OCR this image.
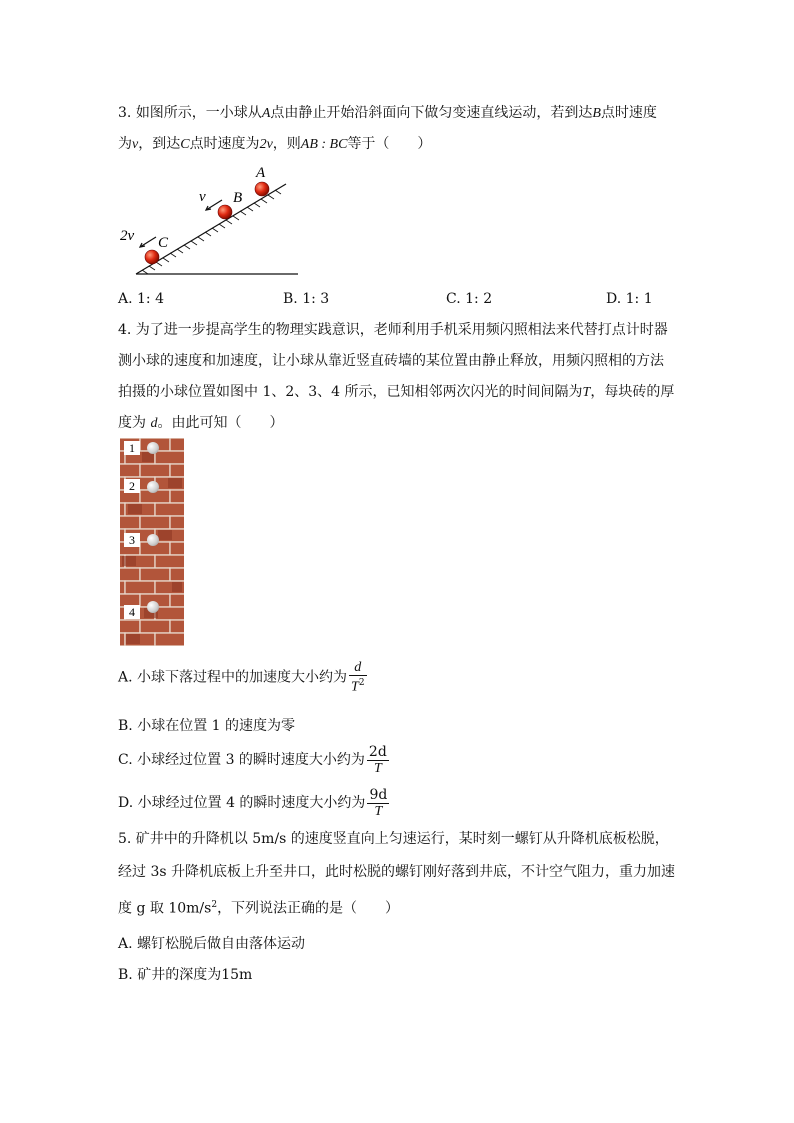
3. 如图所示，一小球从A点由静止开始沿斜面向下做匀变速直线运动，若到达B点时速度
为v，到达C点时速度为2v，则AB : BC等于（　　）
A
B
C
v
2v
A. 1: 4	B. 1: 3	C. 1: 2	D. 1: 1
4. 为了进一步提高学生的物理实践意识，老师利用手机采用频闪照相法来代替打点计时器
测小球的速度和加速度，让小球从靠近竖直砖墙的某位置由静止释放，用频闪照相的方法
拍摄的小球位置如图中 1、2、3、4 所示，已知相邻两次闪光的时间间隔为T，每块砖的厚
度为 d。由此可知（　　）
1
2
3
4
A. 小球下落过程中的加速度大小约为 $\frac{d}{T^2}$
B. 小球在位置 1 的速度为零
C. 小球经过位置 3 的瞬时速度大小约为 $\frac{2d}{T}$
D. 小球经过位置 4 的瞬时速度大小约为 $\frac{9d}{T}$
5. 矿井中的升降机以 5m/s 的速度竖直向上匀速运行，某时刻一螺钉从升降机底板松脱，
经过 3s 升降机底板上升至井口，此时松脱的螺钉刚好落到井底，不计空气阻力，重力加速
度 g 取 $10m/s^2$，下列说法正确的是（　　）
A. 螺钉松脱后做自由落体运动
B. 矿井的深度为15m
